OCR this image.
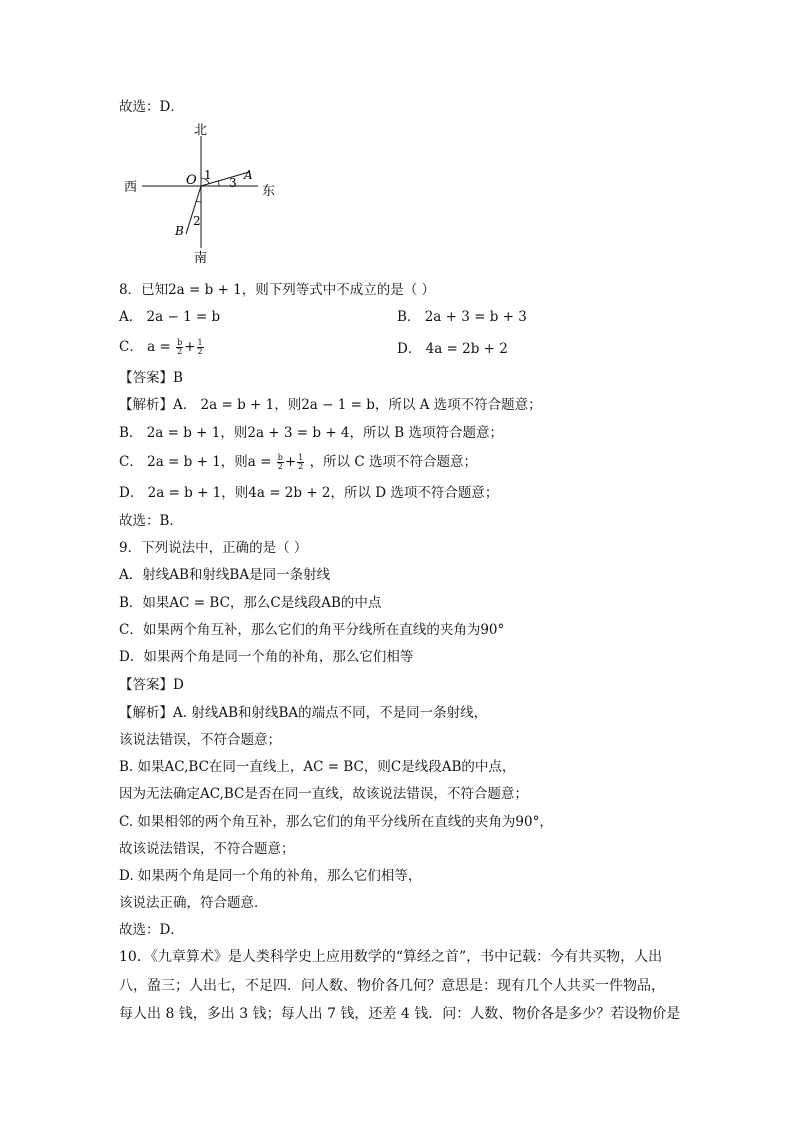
故选：D．
北
南
西	东
O	A
B
1
3
2
8．已知2a = b + 1，则下列等式中不成立的是（ ）
A． 2a − 1 = b	B． 2a + 3 = b + 3
C． $a = \frac{b}{2} + \frac{1}{2}$	D． 4a = 2b + 2
【答案】B
【解析】A． 2a = b + 1，则2a − 1 = b，所以 A 选项不符合题意；
B． 2a = b + 1，则2a + 3 = b + 4，所以 B 选项符合题意；
C． 2a = b + 1，则$a = \frac{b}{2} + \frac{1}{2}$ ，所以 C 选项不符合题意；
D． 2a = b + 1，则4a = 2b + 2，所以 D 选项不符合题意；
故选：B．
9．下列说法中，正确的是（ ）
A．射线AB和射线BA是同一条射线
B．如果AC = BC，那么C是线段AB的中点
C．如果两个角互补，那么它们的角平分线所在直线的夹角为90°
D．如果两个角是同一个角的补角，那么它们相等
【答案】D
【解析】A. 射线AB和射线BA的端点不同，不是同一条射线，
该说法错误，不符合题意；
B. 如果AC,BC在同一直线上，AC = BC，则C是线段AB的中点，
因为无法确定AC,BC是否在同一直线，故该说法错误，不符合题意；
C. 如果相邻的两个角互补，那么它们的角平分线所在直线的夹角为90°，
故该说法错误，不符合题意；
D. 如果两个角是同一个角的补角，那么它们相等，
该说法正确，符合题意．
故选：D．
10．《九章算术》是人类科学史上应用数学的“算经之首”，书中记载：今有共买物，人出
八，盈三；人出七，不足四．问人数、物价各几何？意思是：现有几个人共买一件物品，
每人出 8 钱，多出 3 钱；每人出 7 钱，还差 4 钱．问：人数、物价各是多少？若设物价是
